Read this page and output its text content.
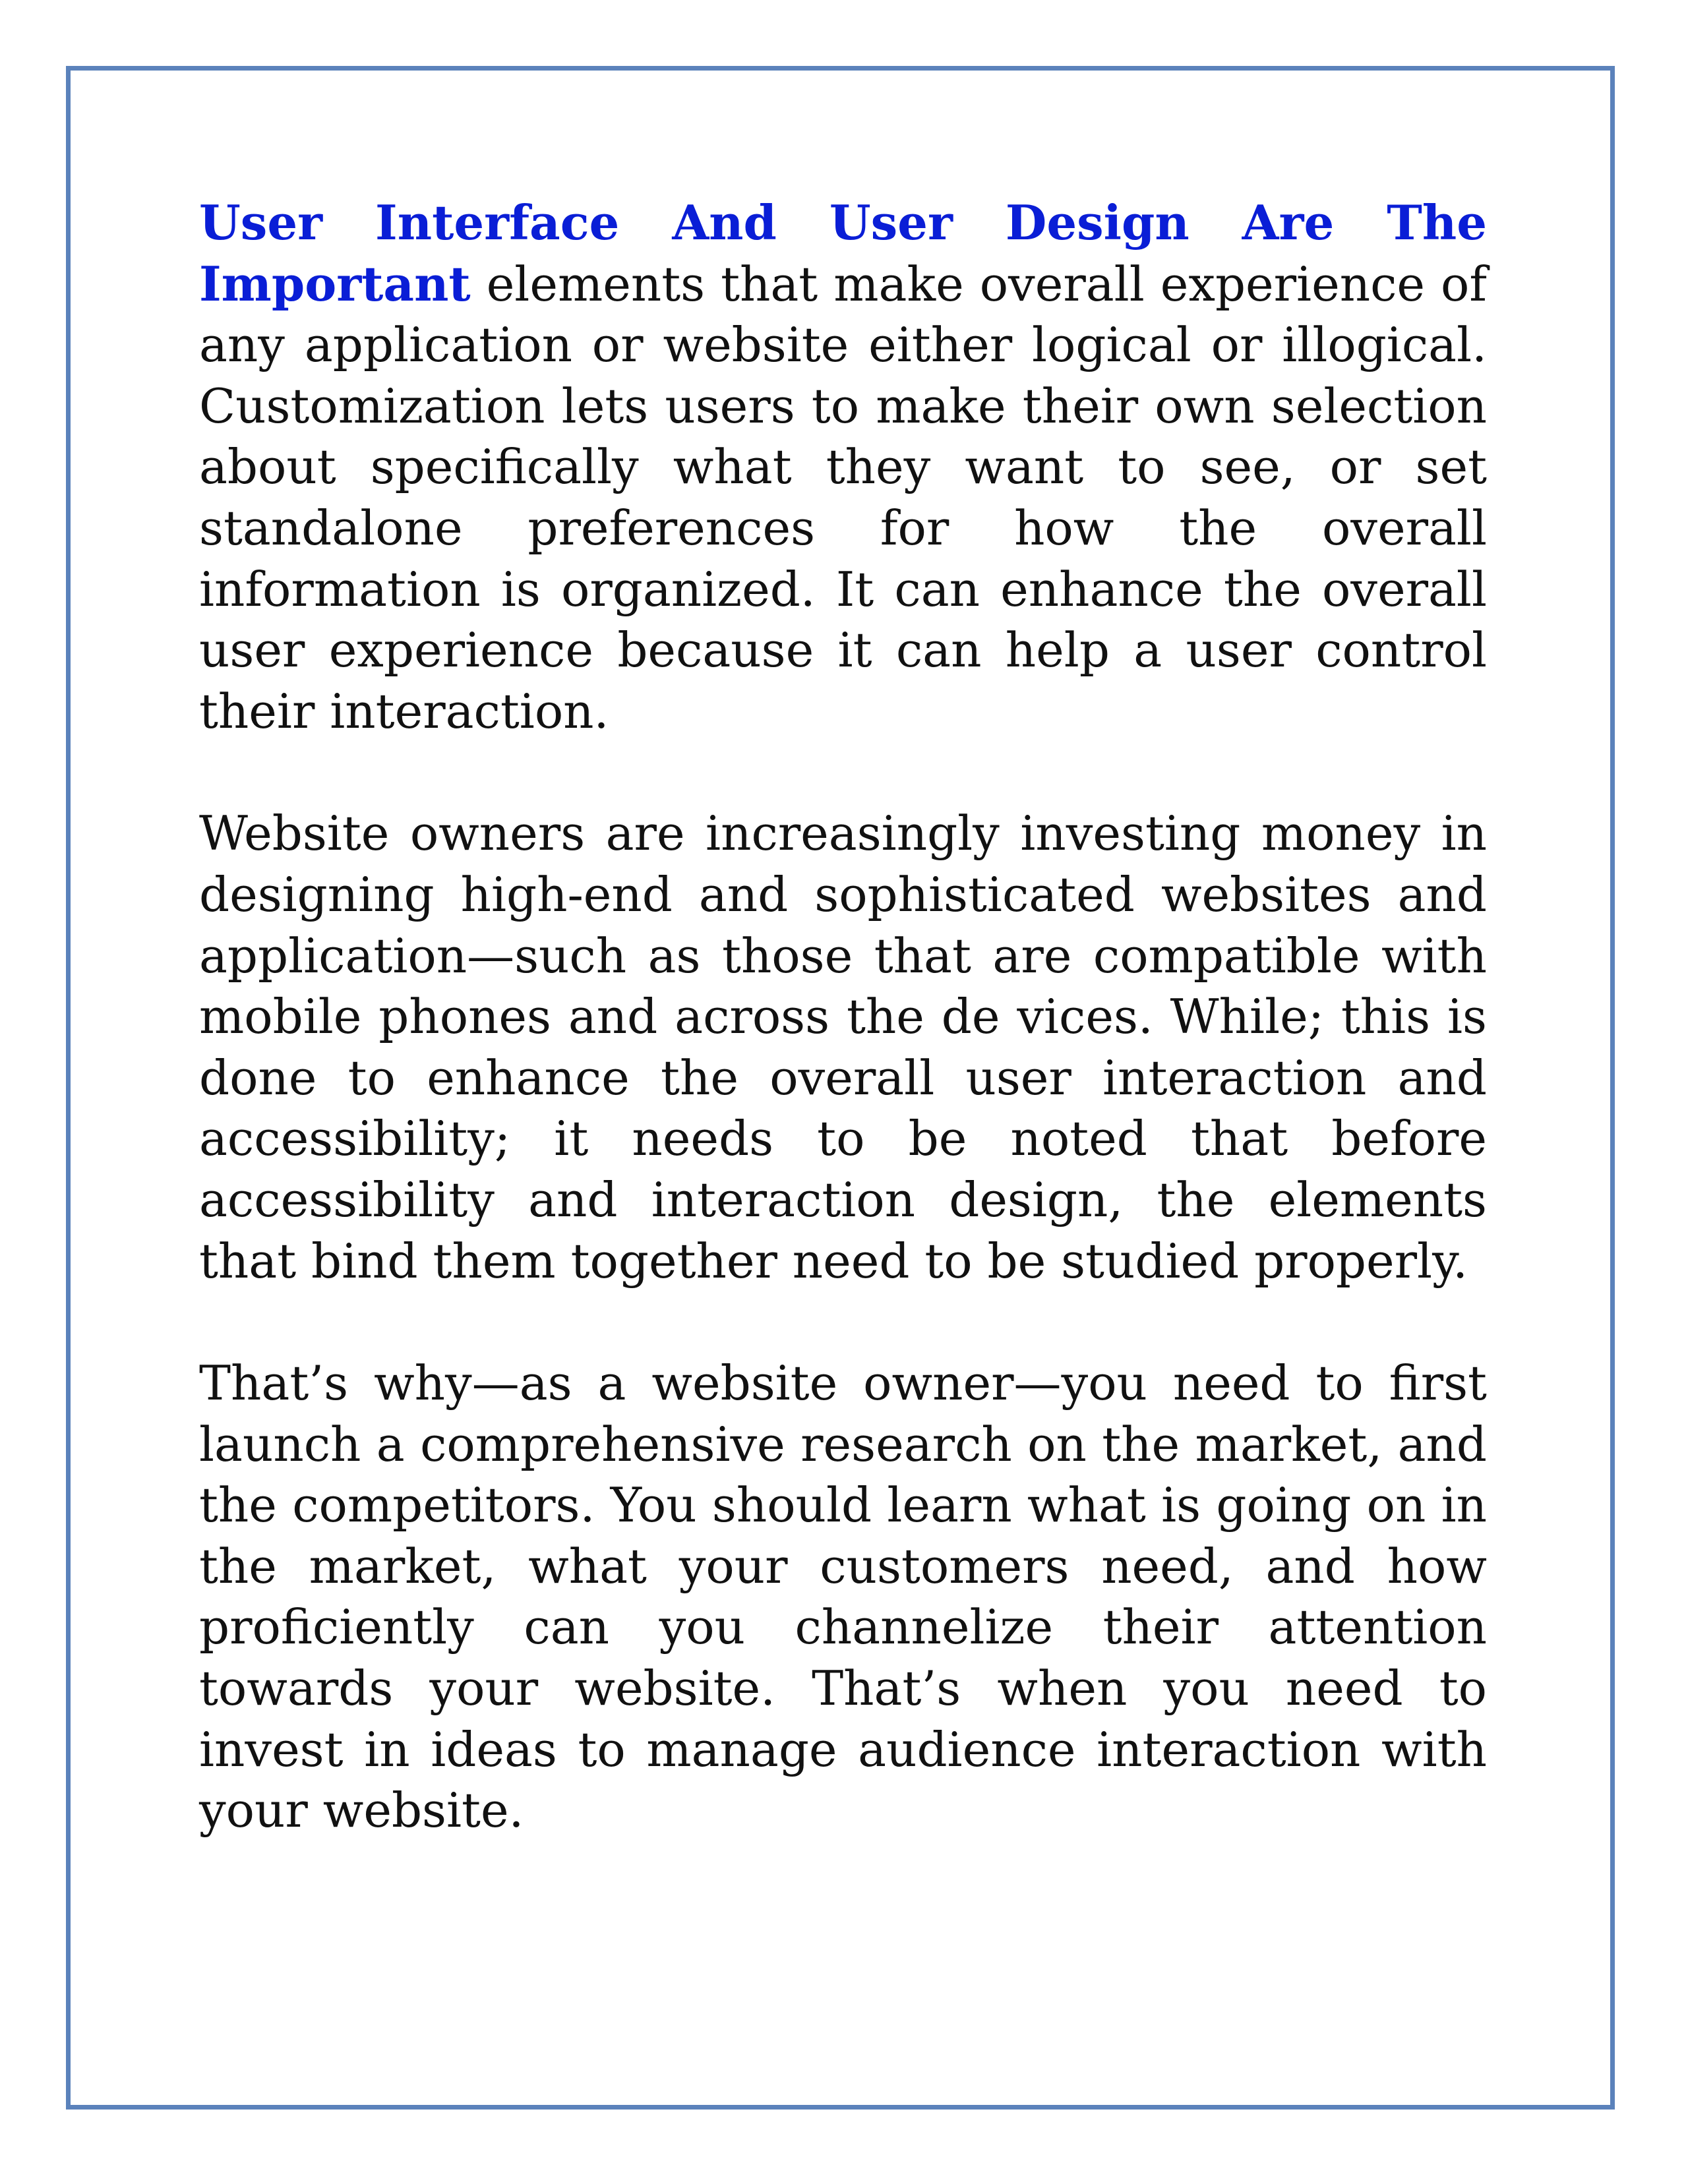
User Interface And User Design Are The Important elements that make overall experience of any application or website either logical or illogical. Customization lets users to make their own selection about specifically what they want to see, or set standalone preferences for how the overall information is organized. It can enhance the overall user experience because it can help a user control their interaction.

Website owners are increasingly investing money in designing high-end and sophisticated websites and application—such as those that are compatible with mobile phones and across the de vices. While; this is done to enhance the overall user interaction and accessibility; it needs to be noted that before accessibility and interaction design, the elements that bind them together need to be studied properly.

That’s why—as a website owner—you need to first launch a comprehensive research on the market, and the competitors. You should learn what is going on in the market, what your customers need, and how proficiently can you channelize their attention towards your website. That’s when you need to invest in ideas to manage audience interaction with your website.
